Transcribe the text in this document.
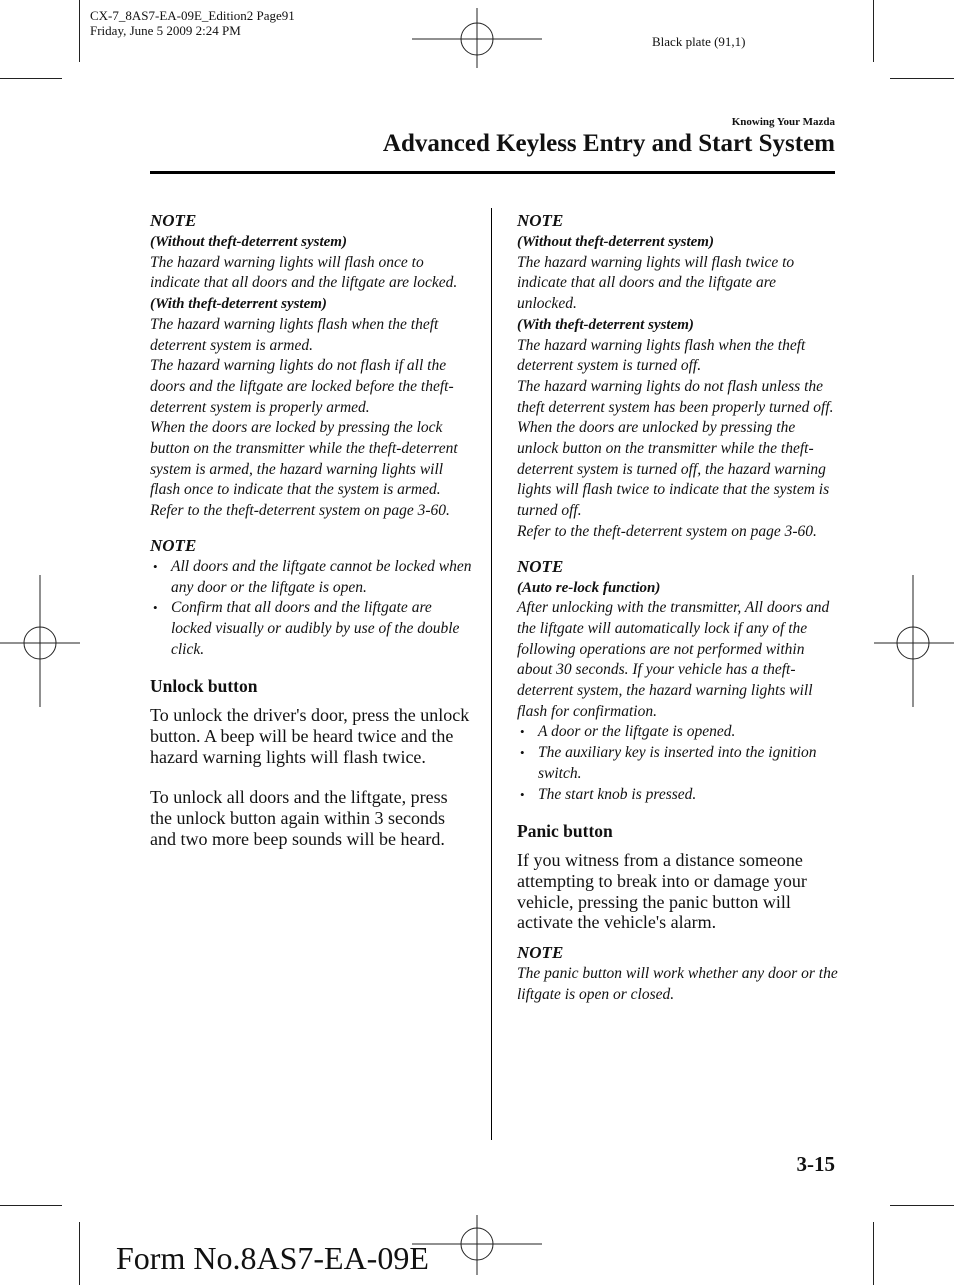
CX-7_8AS7-EA-09E_Edition2 Page91
Friday, June 5 2009 2:24 PM
Black plate (91,1)
Knowing Your Mazda
Advanced Keyless Entry and Start System
NOTE

(Without theft-deterrent system)

The hazard warning lights will flash once to indicate that all doors and the liftgate are locked.

(With theft-deterrent system)

The hazard warning lights flash when the theft deterrent system is armed.

The hazard warning lights do not flash if all the doors and the liftgate are locked before the theft-deterrent system is properly armed.

When the doors are locked by pressing the lock button on the transmitter while the theft-deterrent system is armed, the hazard warning lights will flash once to indicate that the system is armed.

Refer to the theft-deterrent system on page 3-60.

NOTE
• All doors and the liftgate cannot be locked when any door or the liftgate is open.
• Confirm that all doors and the liftgate are locked visually or audibly by use of the double click.
Unlock button

To unlock the driver's door, press the unlock button. A beep will be heard twice and the hazard warning lights will flash twice.

To unlock all doors and the liftgate, press the unlock button again within 3 seconds and two more beep sounds will be heard.

NOTE

(Without theft-deterrent system)

The hazard warning lights will flash twice to indicate that all doors and the liftgate are unlocked.

(With theft-deterrent system)

The hazard warning lights flash when the theft deterrent system is turned off.

The hazard warning lights do not flash unless the theft deterrent system has been properly turned off.

When the doors are unlocked by pressing the unlock button on the transmitter while the theft-deterrent system is turned off, the hazard warning lights will flash twice to indicate that the system is turned off.

Refer to the theft-deterrent system on page 3-60.

NOTE

(Auto re-lock function)

After unlocking with the transmitter, All doors and the liftgate will automatically lock if any of the following operations are not performed within about 30 seconds. If your vehicle has a theft-deterrent system, the hazard warning lights will flash for confirmation.

• A door or the liftgate is opened.
• The auxiliary key is inserted into the ignition switch.
• The start knob is pressed.
Panic button

If you witness from a distance someone attempting to break into or damage your vehicle, pressing the panic button will activate the vehicle's alarm.

NOTE

The panic button will work whether any door or the liftgate is open or closed.

3-15
Form No.8AS7-EA-09E
